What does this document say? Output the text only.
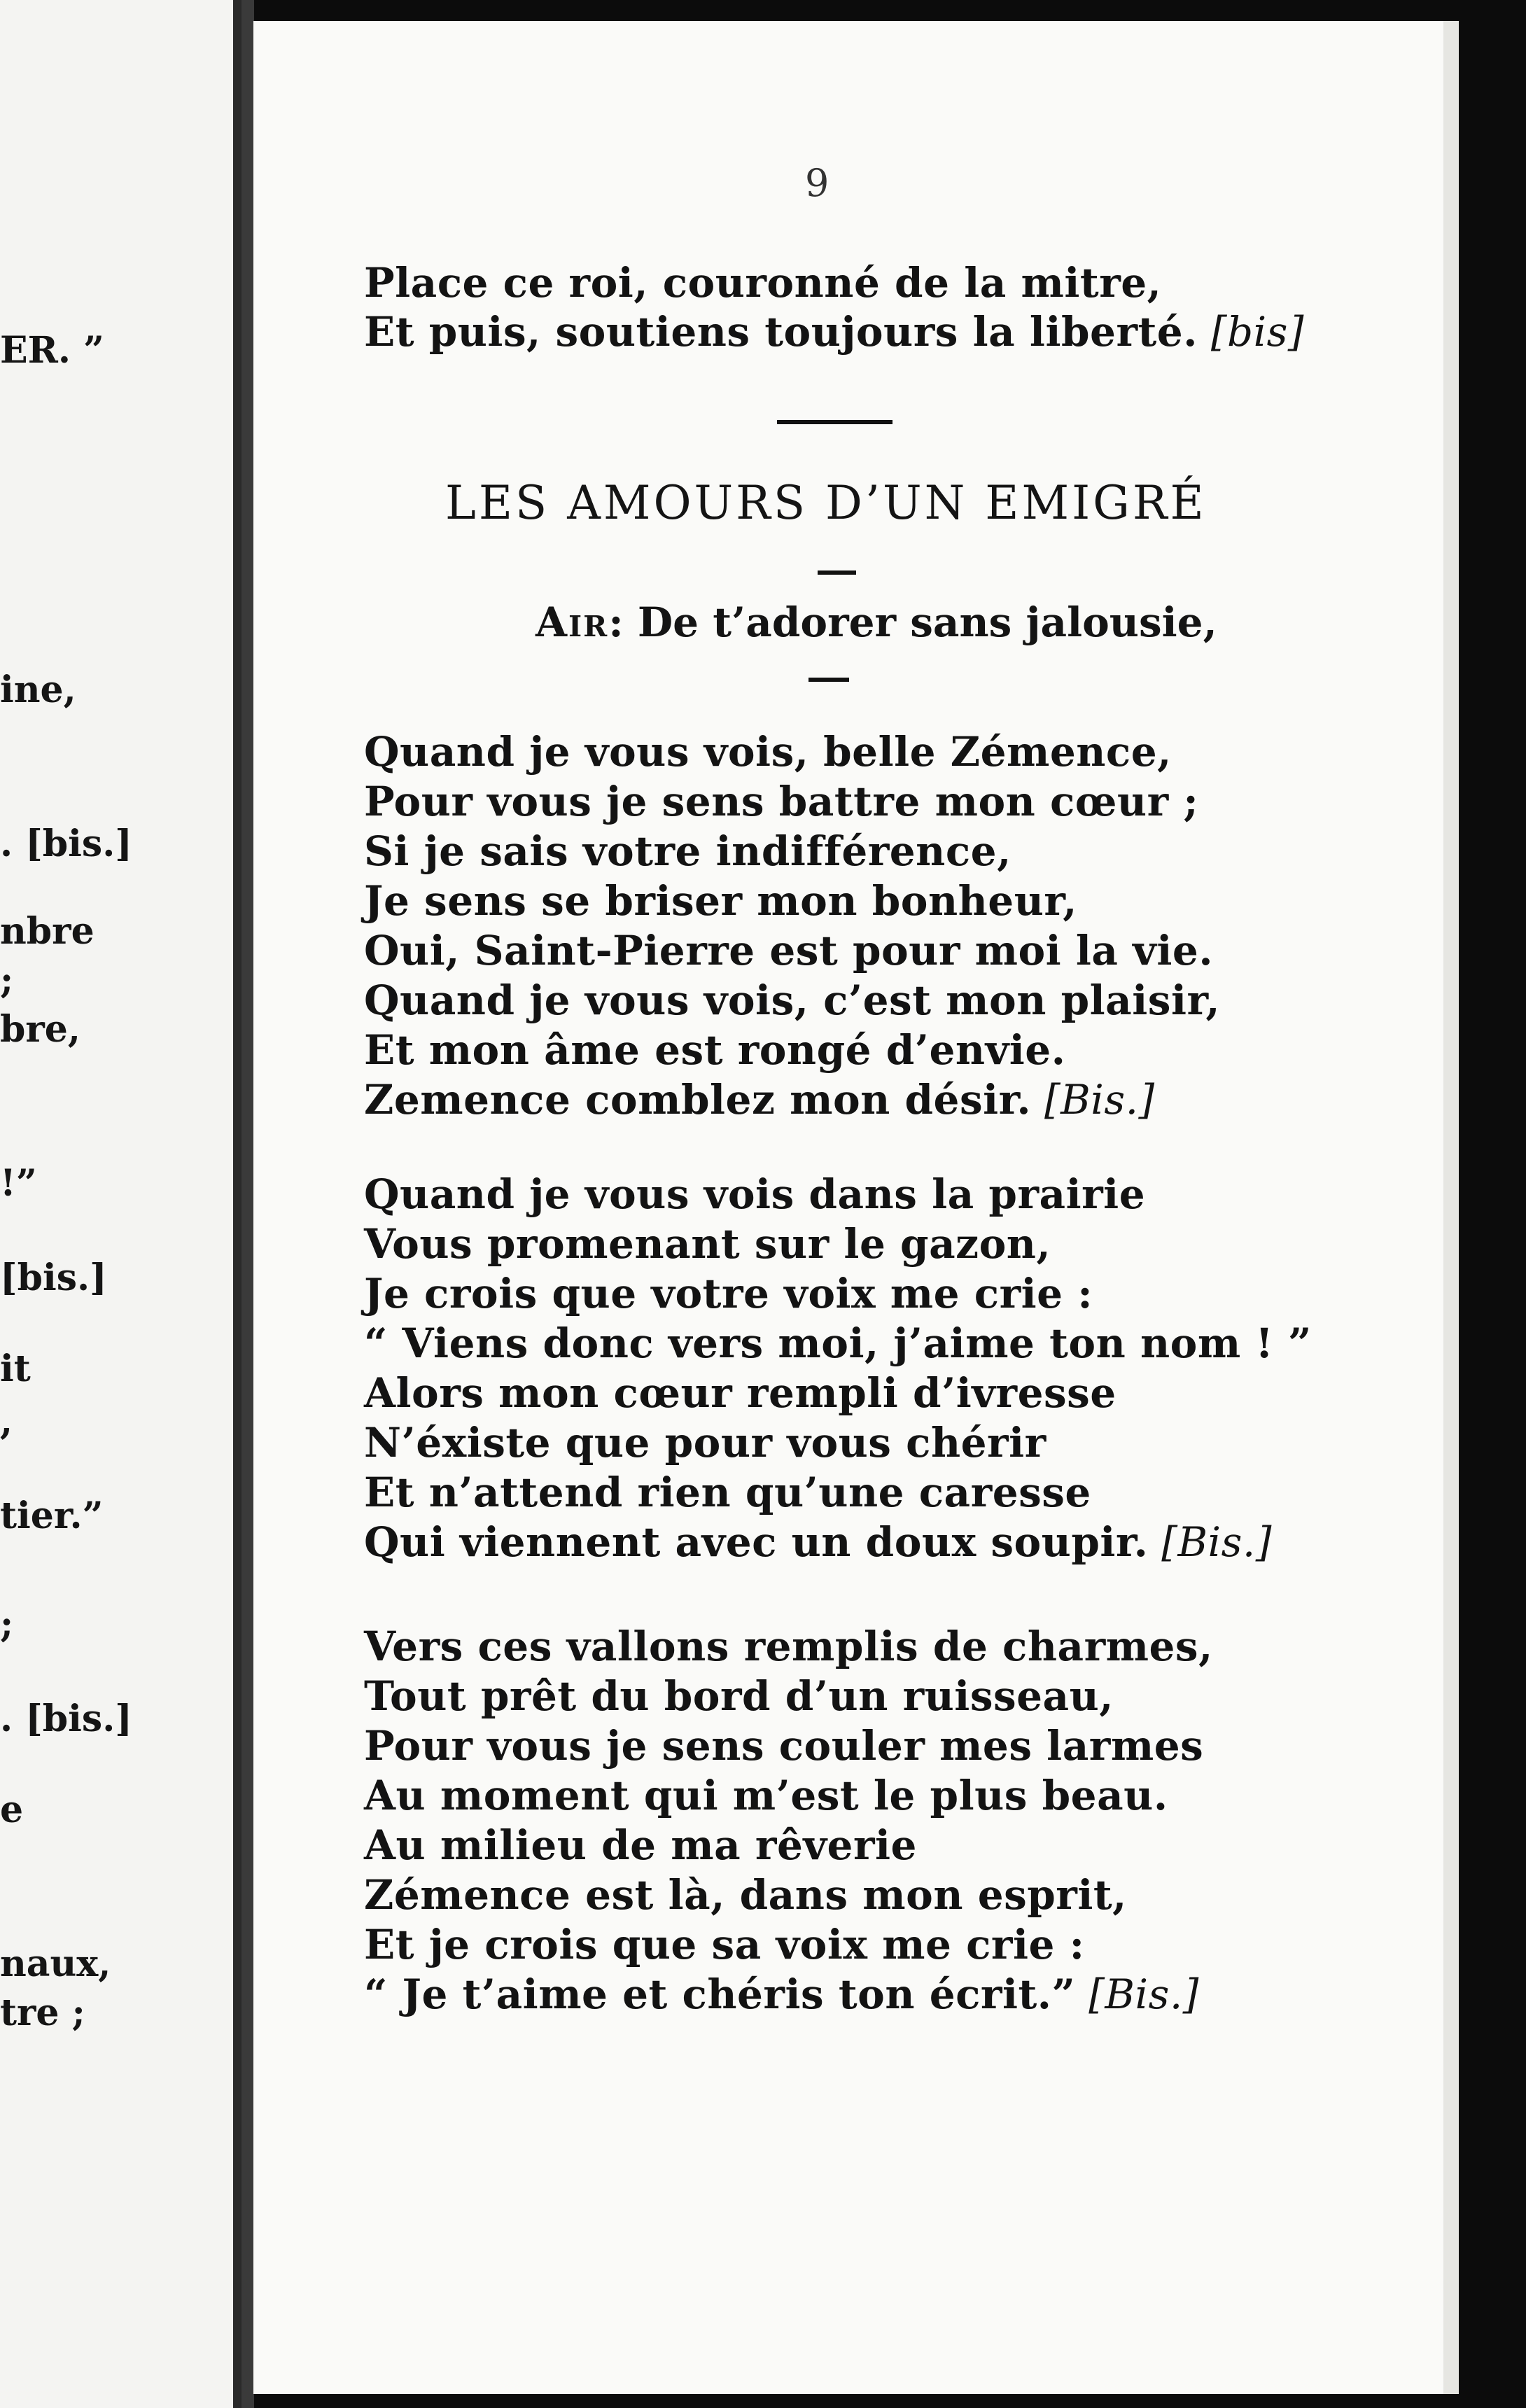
ER. ”
ine,
. [bis.]
nbre
;
bre,
!”
[bis.]
it
,
tier.”
;
. [bis.]
e
naux,
tre ;
9
Place ce roi, couronné de la mitre,
Et puis, soutiens toujours la liberté. [bis]
LES AMOURS D’UN EMIGRÉ
Air: De t’adorer sans jalousie,
Quand je vous vois, belle Zémence,
Pour vous je sens battre mon cœur ;
Si je sais votre indifférence,
Je sens se briser mon bonheur,
Oui, Saint-Pierre est pour moi la vie.
Quand je vous vois, c’est mon plaisir,
Et mon âme est rongé d’envie.
Zemence comblez mon désir. [Bis.]
Quand je vous vois dans la prairie
Vous promenant sur le gazon,
Je crois que votre voix me crie :
“ Viens donc vers moi, j’aime ton nom ! ”
Alors mon cœur rempli d’ivresse
N’éxiste que pour vous chérir
Et n’attend rien qu’une caresse
Qui viennent avec un doux soupir. [Bis.]
Vers ces vallons remplis de charmes,
Tout prêt du bord d’un ruisseau,
Pour vous je sens couler mes larmes
Au moment qui m’est le plus beau.
Au milieu de ma rêverie
Zémence est là, dans mon esprit,
Et je crois que sa voix me crie :
“ Je t’aime et chéris ton écrit.” [Bis.]
